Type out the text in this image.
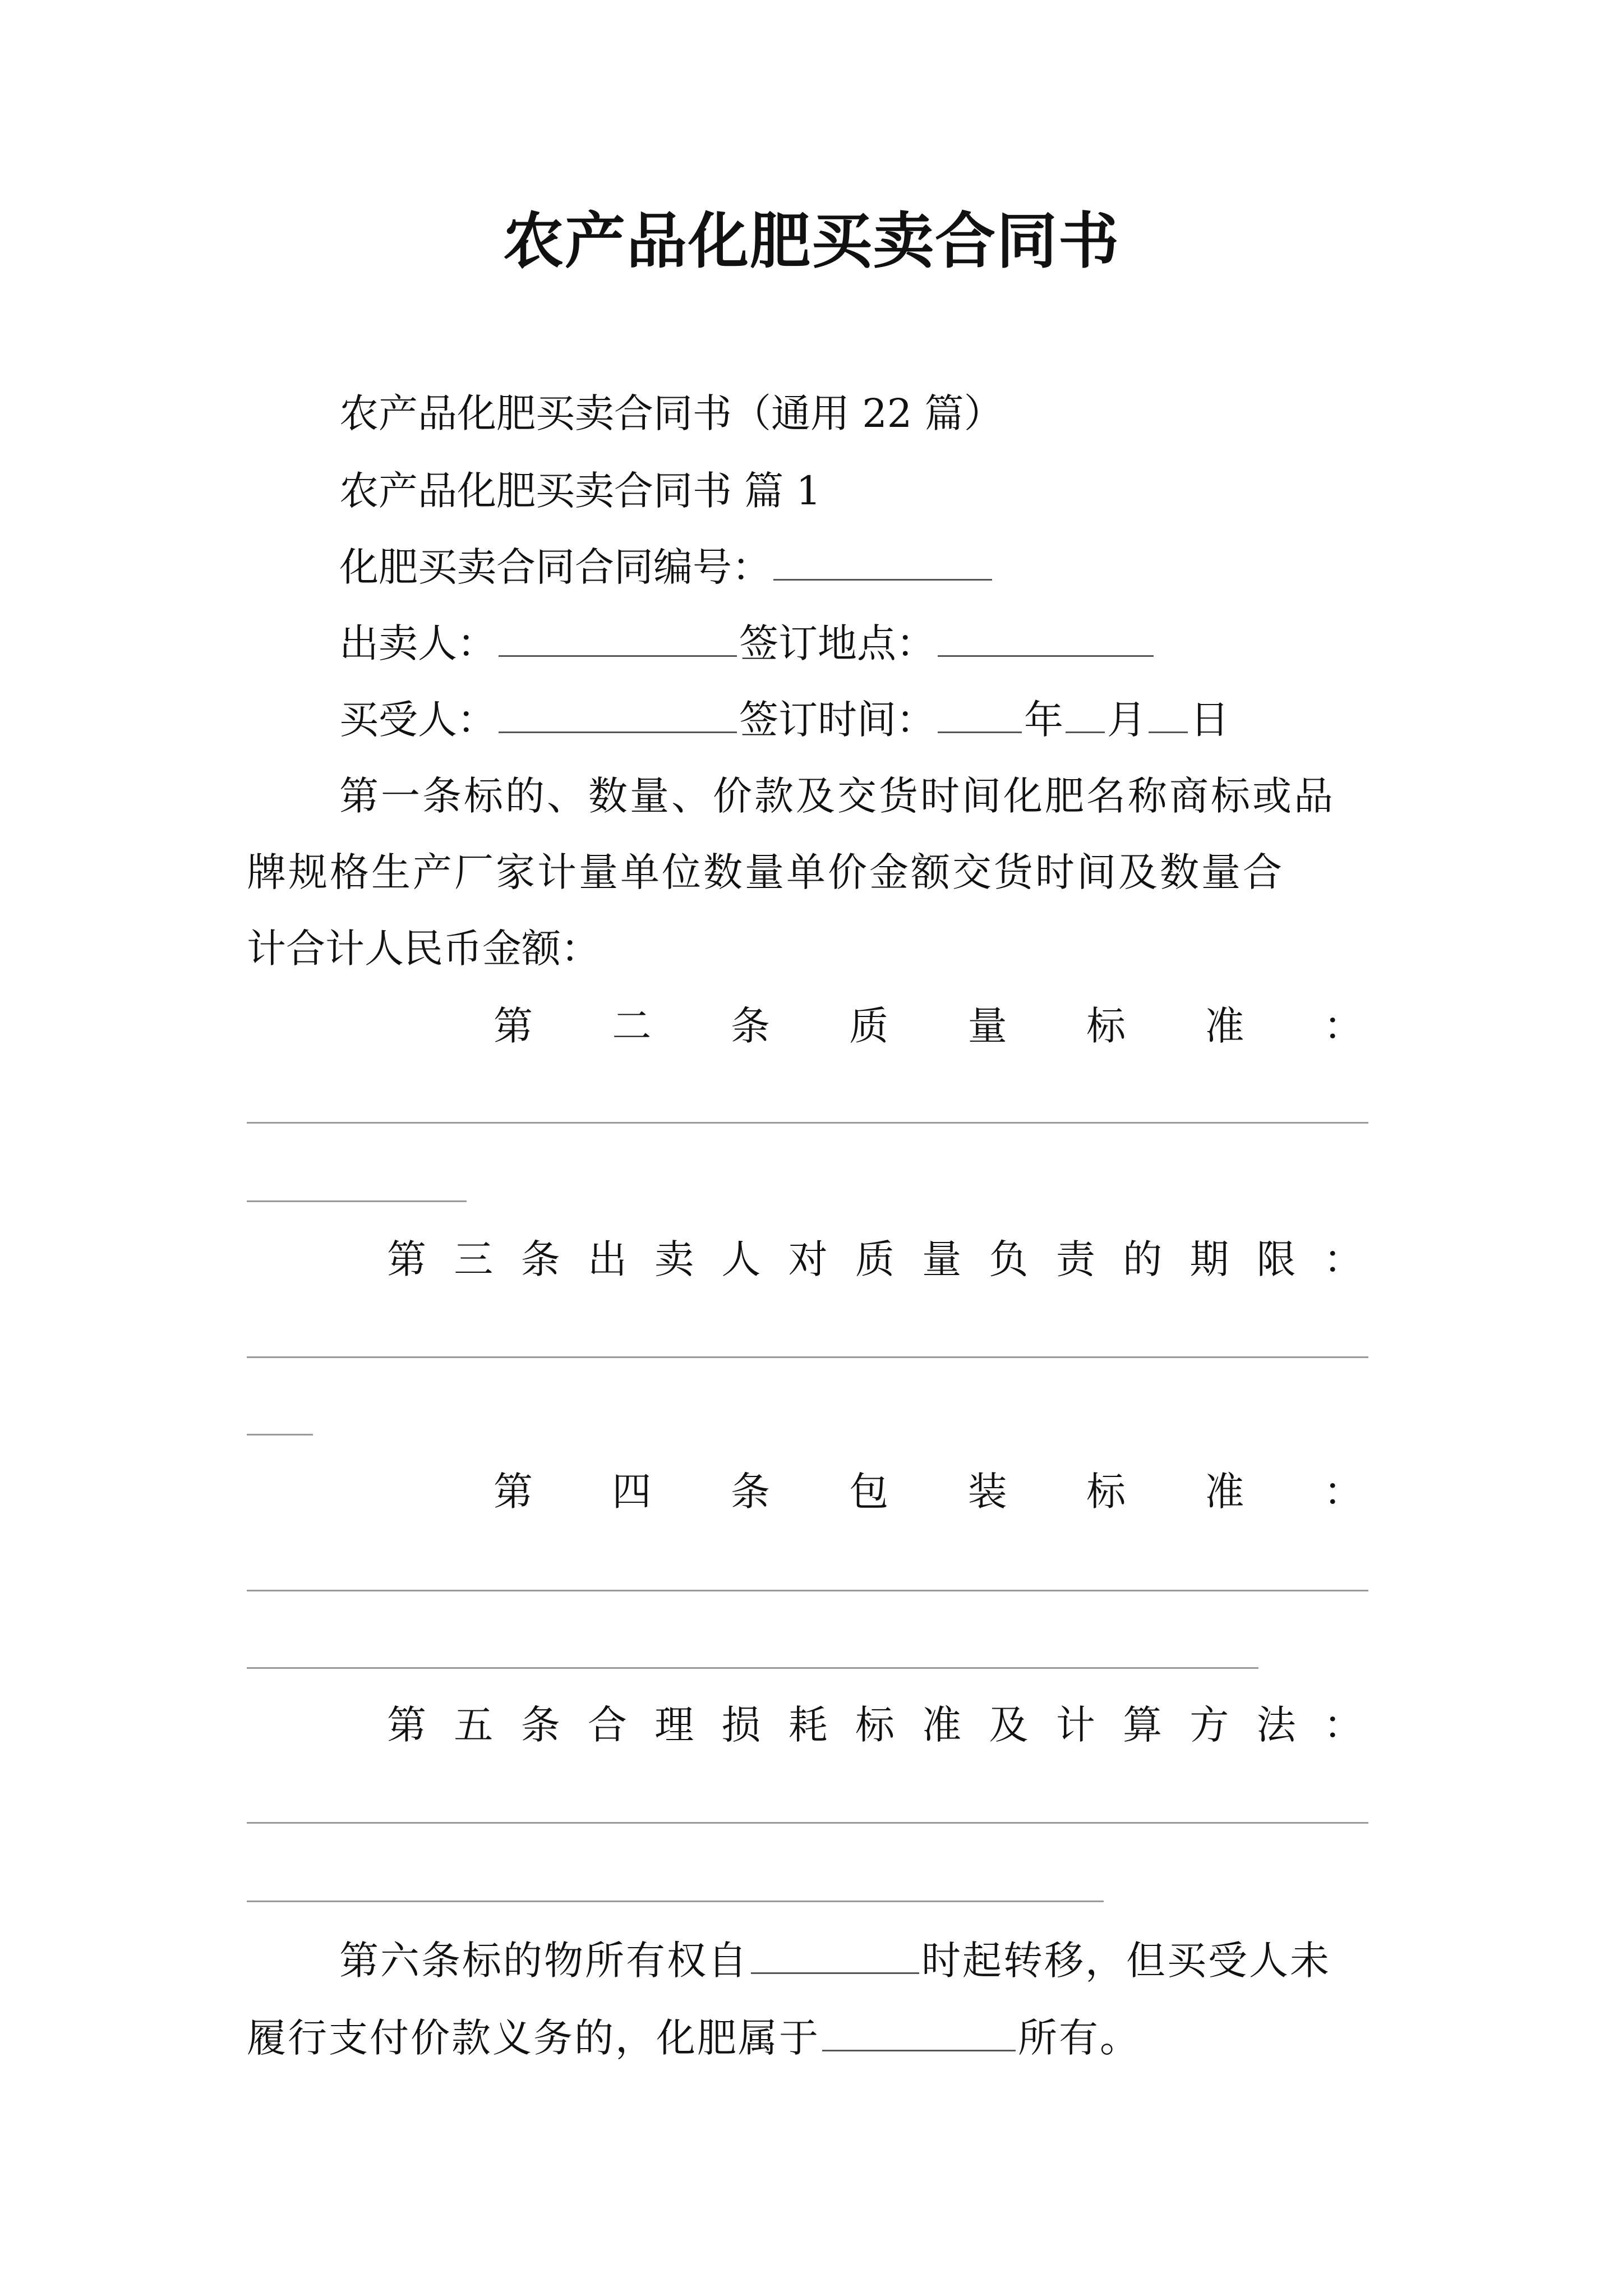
农产品化肥买卖合同书
农产品化肥买卖合同书（通用 22 篇）
农产品化肥买卖合同书 篇 1
化肥买卖合同合同编号：
出卖人：	签订地点：
买受人：	签订时间： 年 月 日
第一条标的、数量、价款及交货时间化肥名称商标或品
牌规格生产厂家计量单位数量单价金额交货时间及数量合
计合计人民币金额：
第 二 条 质 量 标 准 ：
第 三 条 出 卖 人 对 质 量 负 责 的 期 限 ：
第 四 条 包 装 标 准 ：
第 五 条 合 理 损 耗 标 准 及 计 算 方 法 ：
第六条标的物所有权自	时起转移，但买受人未
履行支付价款义务的，化肥属于	所有。
